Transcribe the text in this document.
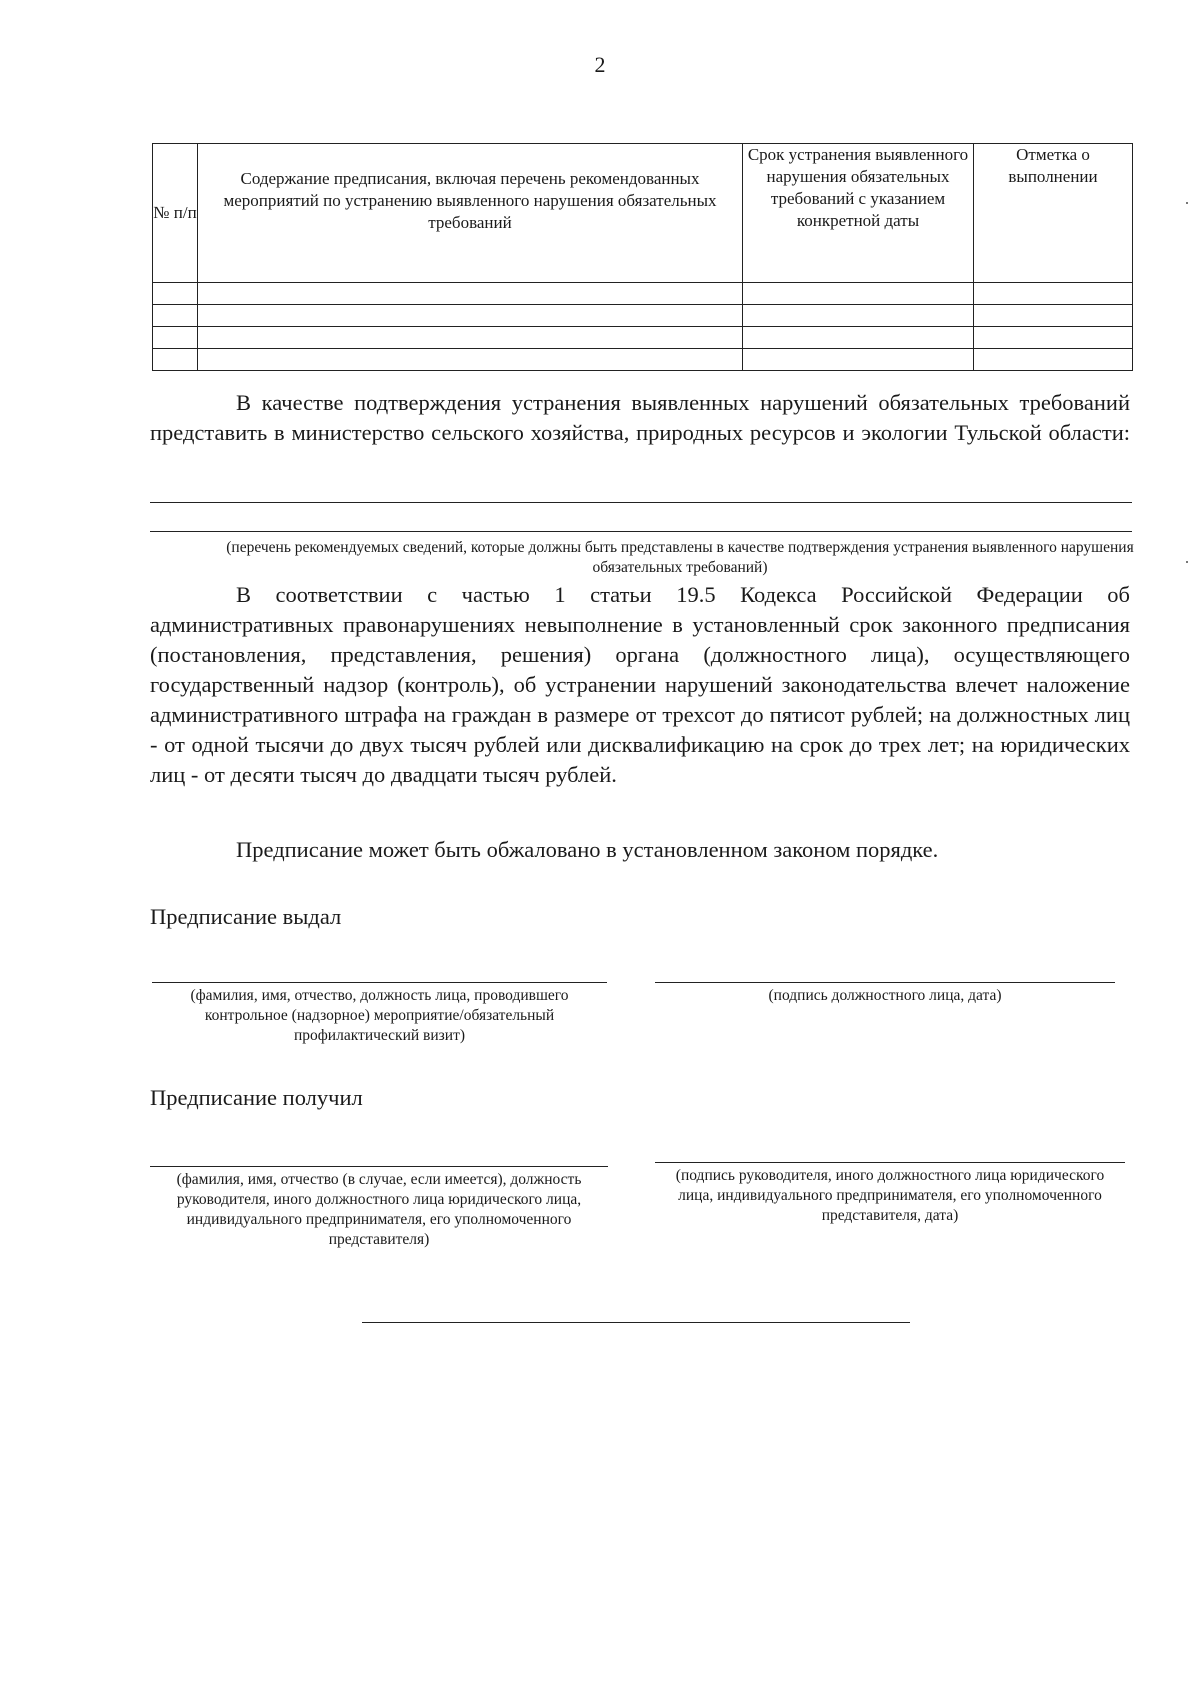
2
№ п/п	Содержание предписания, включая перечень рекомендованных мероприятий по устранению выявленного нарушения обязательных требований	Срок устранения выявленного нарушения обязательных требований с указанием конкретной даты	Отметка о выполнении

В качестве подтверждения устранения выявленных нарушений обязательных требований представить в министерство сельского хозяйства, природных ресурсов и экологии Тульской области:
(перечень рекомендуемых сведений, которые должны быть представлены в качестве подтверждения устранения выявленного нарушения обязательных требований)
В соответствии с частью 1 статьи 19.5 Кодекса Российской Федерации об административных правонарушениях невыполнение в установленный срок законного предписания (постановления, представления, решения) органа (должностного лица), осуществляющего государственный надзор (контроль), об устранении нарушений законодательства влечет наложение административного штрафа на граждан в размере от трехсот до пятисот рублей; на должностных лиц - от одной тысячи до двух тысяч рублей или дисквалификацию на срок до трех лет; на юридических лиц - от десяти тысяч до двадцати тысяч рублей.
Предписание может быть обжаловано в установленном законом порядке.
Предписание выдал
(фамилия, имя, отчество, должность лица, проводившего контрольное (надзорное) мероприятие/обязательный профилактический визит)
(подпись должностного лица, дата)
Предписание получил
(фамилия, имя, отчество (в случае, если имеется), должность руководителя, иного должностного лица юридического лица, индивидуального предпринимателя, его уполномоченного представителя)
(подпись руководителя, иного должностного лица юридического лица, индивидуального предпринимателя, его уполномоченного представителя, дата)
